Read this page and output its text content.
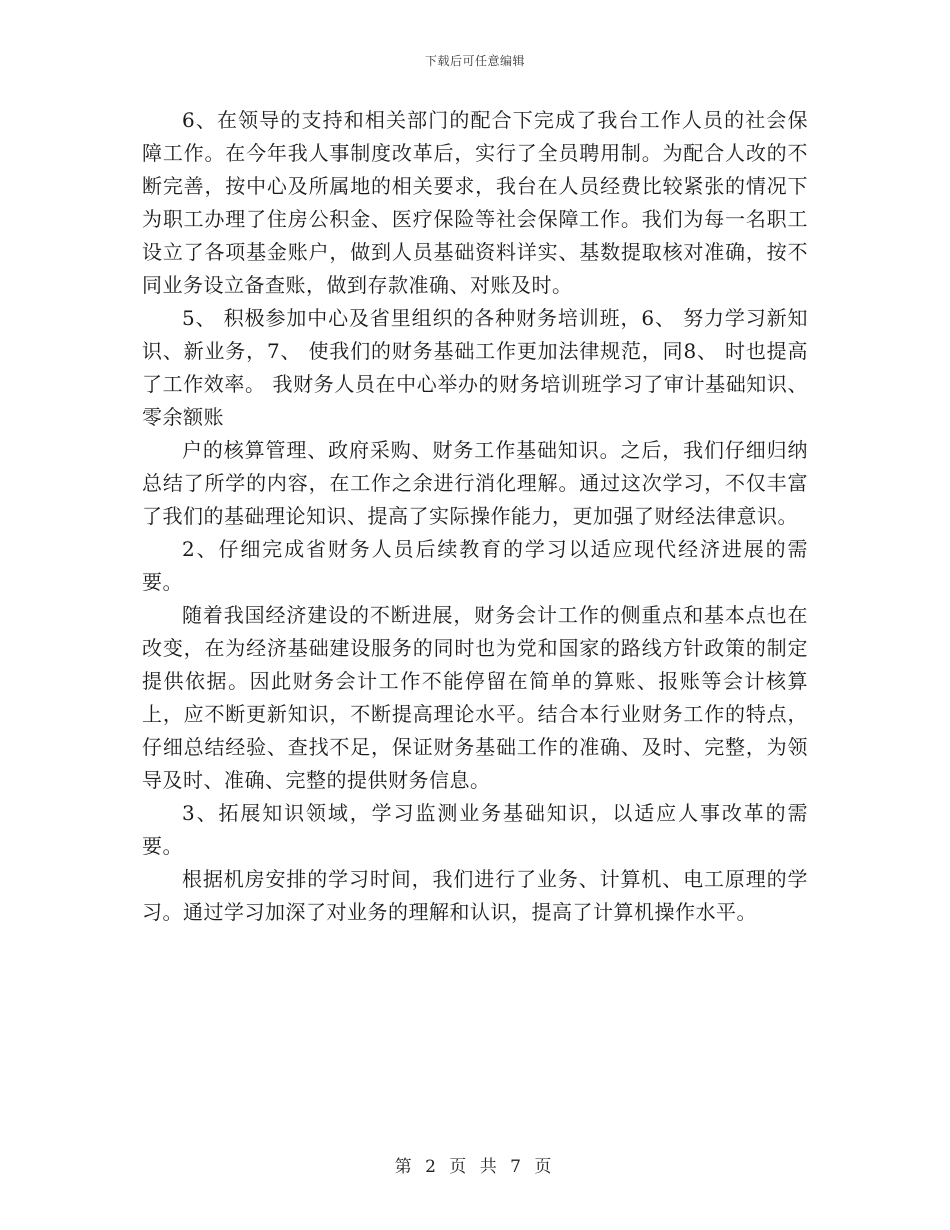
下载后可任意编辑

6、在领导的支持和相关部门的配合下完成了我台工作人员的社会保障工作。在今年我人事制度改革后，实行了全员聘用制。为配合人改的不断完善，按中心及所属地的相关要求，我台在人员经费比较紧张的情况下为职工办理了住房公积金、医疗保险等社会保障工作。我们为每一名职工设立了各项基金账户，做到人员基础资料详实、基数提取核对准确，按不同业务设立备查账，做到存款准确、对账及时。

5、 积极参加中心及省里组织的各种财务培训班，6、 努力学习新知识、新业务，7、 使我们的财务基础工作更加法律规范，同8、 时也提高了工作效率。 我财务人员在中心举办的财务培训班学习了审计基础知识、零余额账

户的核算管理、政府采购、财务工作基础知识。之后，我们仔细归纳总结了所学的内容，在工作之余进行消化理解。通过这次学习，不仅丰富了我们的基础理论知识、提高了实际操作能力，更加强了财经法律意识。

2、仔细完成省财务人员后续教育的学习以适应现代经济进展的需要。

随着我国经济建设的不断进展，财务会计工作的侧重点和基本点也在改变，在为经济基础建设服务的同时也为党和国家的路线方针政策的制定提供依据。因此财务会计工作不能停留在简单的算账、报账等会计核算上，应不断更新知识，不断提高理论水平。结合本行业财务工作的特点，仔细总结经验、查找不足，保证财务基础工作的准确、及时、完整，为领导及时、准确、完整的提供财务信息。

3、拓展知识领域，学习监测业务基础知识，以适应人事改革的需要。

根据机房安排的学习时间，我们进行了业务、计算机、电工原理的学习。通过学习加深了对业务的理解和认识，提高了计算机操作水平。

第 2 页 共 7 页
